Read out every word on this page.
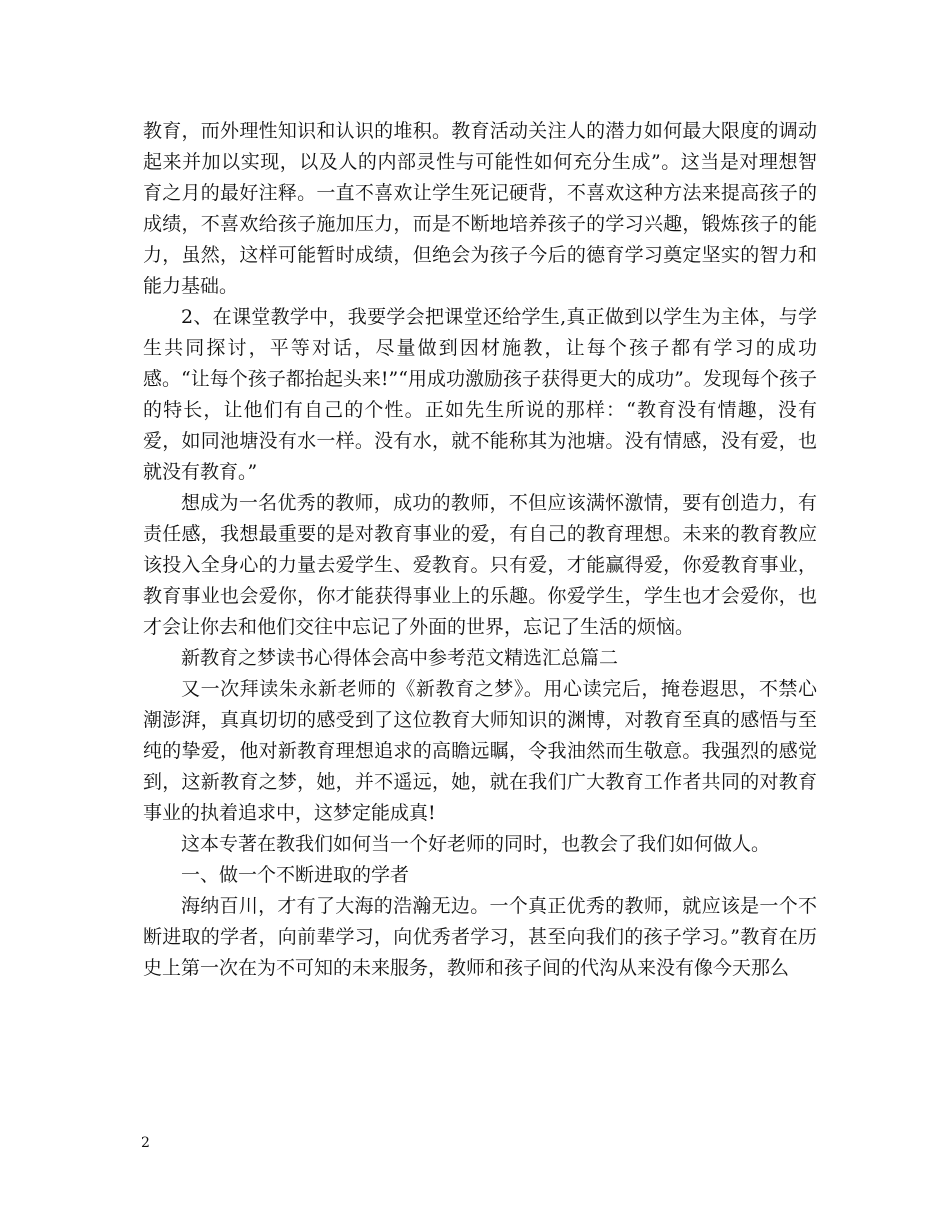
教育，而外理性知识和认识的堆积。教育活动关注人的潜力如何最大限度的调动起来并加以实现，以及人的内部灵性与可能性如何充分生成”。这当是对理想智育之月的最好注释。一直不喜欢让学生死记硬背，不喜欢这种方法来提高孩子的成绩，不喜欢给孩子施加压力，而是不断地培养孩子的学习兴趣，锻炼孩子的能力，虽然，这样可能暂时成绩，但绝会为孩子今后的德育学习奠定坚实的智力和能力基础。

2、在课堂教学中，我要学会把课堂还给学生,真正做到以学生为主体，与学生共同探讨，平等对话，尽量做到因材施教，让每个孩子都有学习的成功感。“让每个孩子都抬起头来!”“用成功激励孩子获得更大的成功”。发现每个孩子的特长，让他们有自己的个性。正如先生所说的那样：“教育没有情趣，没有爱，如同池塘没有水一样。没有水，就不能称其为池塘。没有情感，没有爱，也就没有教育。”

想成为一名优秀的教师，成功的教师，不但应该满怀激情，要有创造力，有责任感，我想最重要的是对教育事业的爱，有自己的教育理想。未来的教育教应该投入全身心的力量去爱学生、爱教育。只有爱，才能赢得爱，你爱教育事业，教育事业也会爱你，你才能获得事业上的乐趣。你爱学生，学生也才会爱你，也才会让你去和他们交往中忘记了外面的世界，忘记了生活的烦恼。

新教育之梦读书心得体会高中参考范文精选汇总篇二

又一次拜读朱永新老师的《新教育之梦》。用心读完后，掩卷遐思，不禁心潮澎湃，真真切切的感受到了这位教育大师知识的渊博，对教育至真的感悟与至纯的挚爱，他对新教育理想追求的高瞻远瞩，令我油然而生敬意。我强烈的感觉到，这新教育之梦，她，并不遥远，她，就在我们广大教育工作者共同的对教育事业的执着追求中，这梦定能成真!

这本专著在教我们如何当一个好老师的同时，也教会了我们如何做人。

一、做一个不断进取的学者

海纳百川，才有了大海的浩瀚无边。一个真正优秀的教师，就应该是一个不断进取的学者，向前辈学习，向优秀者学习，甚至向我们的孩子学习。”教育在历史上第一次在为不可知的未来服务，教师和孩子间的代沟从来没有像今天那么

2
